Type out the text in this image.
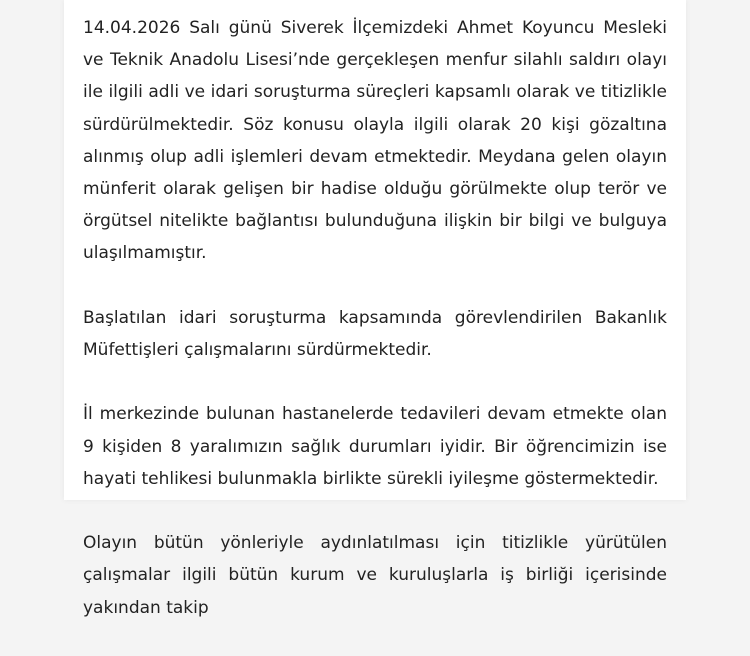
14.04.2026 Salı günü Siverek İlçemizdeki Ahmet Koyuncu Mesleki ve Teknik Anadolu Lisesi’nde gerçekleşen menfur silahlı saldırı olayı ile ilgili adli ve idari soruşturma süreçleri kapsamlı olarak ve titizlikle sürdürülmektedir. Söz konusu olayla ilgili olarak 20 kişi gözaltına alınmış olup adli işlemleri devam etmektedir. Meydana gelen olayın münferit olarak gelişen bir hadise olduğu görülmekte olup terör ve örgütsel nitelikte bağlantısı bulunduğuna ilişkin bir bilgi ve bulguya ulaşılmamıştır.

Başlatılan idari soruşturma kapsamında görevlendirilen Bakanlık Müfettişleri çalışmalarını sürdürmektedir.

İl merkezinde bulunan hastanelerde tedavileri devam etmekte olan 9 kişiden 8 yaralımızın sağlık durumları iyidir. Bir öğrencimizin ise hayati tehlikesi bulunmakla birlikte sürekli iyileşme göstermektedir.

Olayın bütün yönleriyle aydınlatılması için titizlikle yürütülen çalışmalar ilgili bütün kurum ve kuruluşlarla iş birliği içerisinde yakından takip
